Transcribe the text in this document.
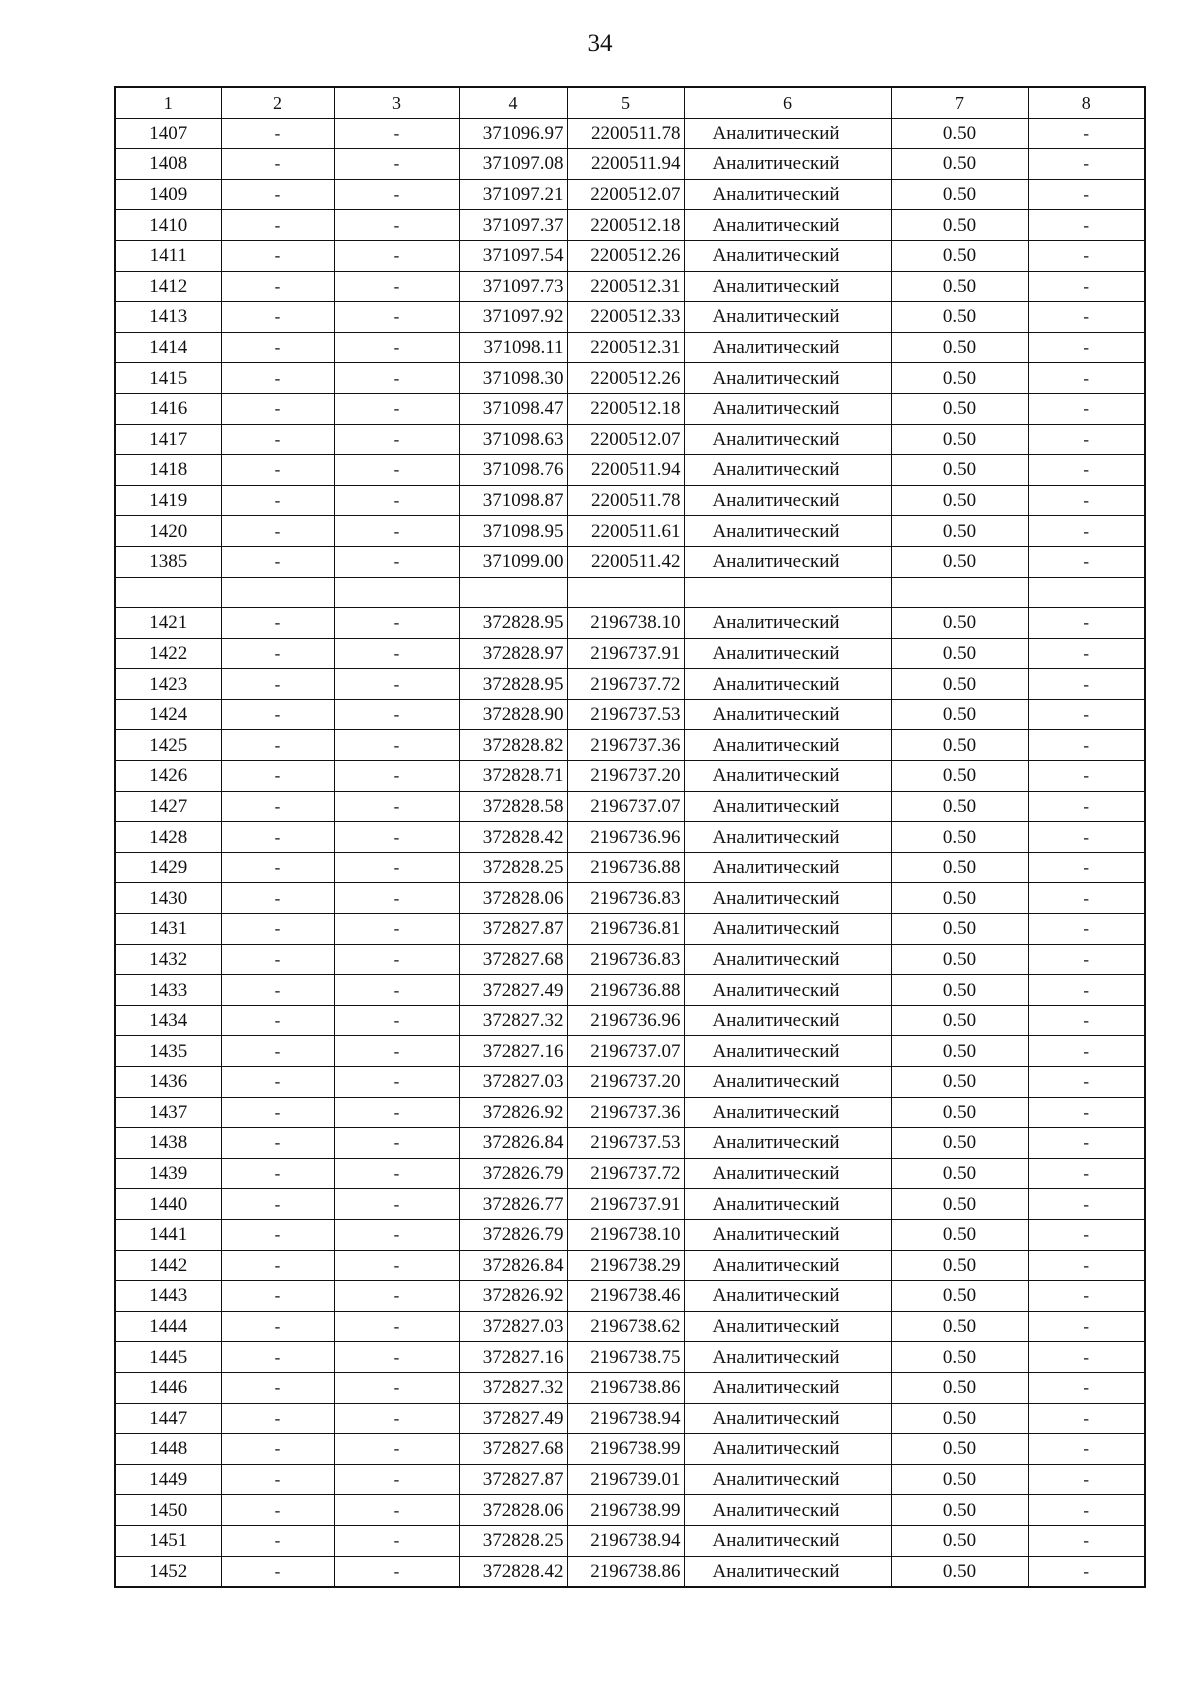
34
1	2	3	4	5	6	7	8
1407	-	-	371096.97	2200511.78	Аналитический	0.50	-
1408	-	-	371097.08	2200511.94	Аналитический	0.50	-
1409	-	-	371097.21	2200512.07	Аналитический	0.50	-
1410	-	-	371097.37	2200512.18	Аналитический	0.50	-
1411	-	-	371097.54	2200512.26	Аналитический	0.50	-
1412	-	-	371097.73	2200512.31	Аналитический	0.50	-
1413	-	-	371097.92	2200512.33	Аналитический	0.50	-
1414	-	-	371098.11	2200512.31	Аналитический	0.50	-
1415	-	-	371098.30	2200512.26	Аналитический	0.50	-
1416	-	-	371098.47	2200512.18	Аналитический	0.50	-
1417	-	-	371098.63	2200512.07	Аналитический	0.50	-
1418	-	-	371098.76	2200511.94	Аналитический	0.50	-
1419	-	-	371098.87	2200511.78	Аналитический	0.50	-
1420	-	-	371098.95	2200511.61	Аналитический	0.50	-
1385	-	-	371099.00	2200511.42	Аналитический	0.50	-

1421	-	-	372828.95	2196738.10	Аналитический	0.50	-
1422	-	-	372828.97	2196737.91	Аналитический	0.50	-
1423	-	-	372828.95	2196737.72	Аналитический	0.50	-
1424	-	-	372828.90	2196737.53	Аналитический	0.50	-
1425	-	-	372828.82	2196737.36	Аналитический	0.50	-
1426	-	-	372828.71	2196737.20	Аналитический	0.50	-
1427	-	-	372828.58	2196737.07	Аналитический	0.50	-
1428	-	-	372828.42	2196736.96	Аналитический	0.50	-
1429	-	-	372828.25	2196736.88	Аналитический	0.50	-
1430	-	-	372828.06	2196736.83	Аналитический	0.50	-
1431	-	-	372827.87	2196736.81	Аналитический	0.50	-
1432	-	-	372827.68	2196736.83	Аналитический	0.50	-
1433	-	-	372827.49	2196736.88	Аналитический	0.50	-
1434	-	-	372827.32	2196736.96	Аналитический	0.50	-
1435	-	-	372827.16	2196737.07	Аналитический	0.50	-
1436	-	-	372827.03	2196737.20	Аналитический	0.50	-
1437	-	-	372826.92	2196737.36	Аналитический	0.50	-
1438	-	-	372826.84	2196737.53	Аналитический	0.50	-
1439	-	-	372826.79	2196737.72	Аналитический	0.50	-
1440	-	-	372826.77	2196737.91	Аналитический	0.50	-
1441	-	-	372826.79	2196738.10	Аналитический	0.50	-
1442	-	-	372826.84	2196738.29	Аналитический	0.50	-
1443	-	-	372826.92	2196738.46	Аналитический	0.50	-
1444	-	-	372827.03	2196738.62	Аналитический	0.50	-
1445	-	-	372827.16	2196738.75	Аналитический	0.50	-
1446	-	-	372827.32	2196738.86	Аналитический	0.50	-
1447	-	-	372827.49	2196738.94	Аналитический	0.50	-
1448	-	-	372827.68	2196738.99	Аналитический	0.50	-
1449	-	-	372827.87	2196739.01	Аналитический	0.50	-
1450	-	-	372828.06	2196738.99	Аналитический	0.50	-
1451	-	-	372828.25	2196738.94	Аналитический	0.50	-
1452	-	-	372828.42	2196738.86	Аналитический	0.50	-
